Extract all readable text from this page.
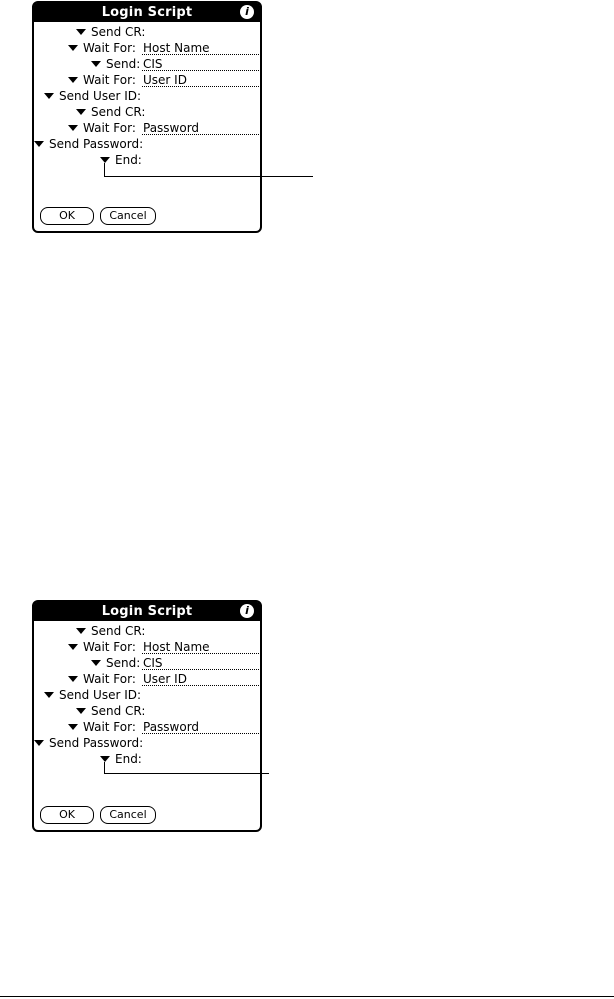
Login Script	i
Send CR:
Wait For: Host Name
Send: CIS
Wait For: User ID
Send User ID:
Send CR:
Wait For: Password
Send Password:
End:
OK	Cancel
Login Script	i
Send CR:
Wait For: Host Name
Send: CIS
Wait For: User ID
Send User ID:
Send CR:
Wait For: Password
Send Password:
End:
OK	Cancel
